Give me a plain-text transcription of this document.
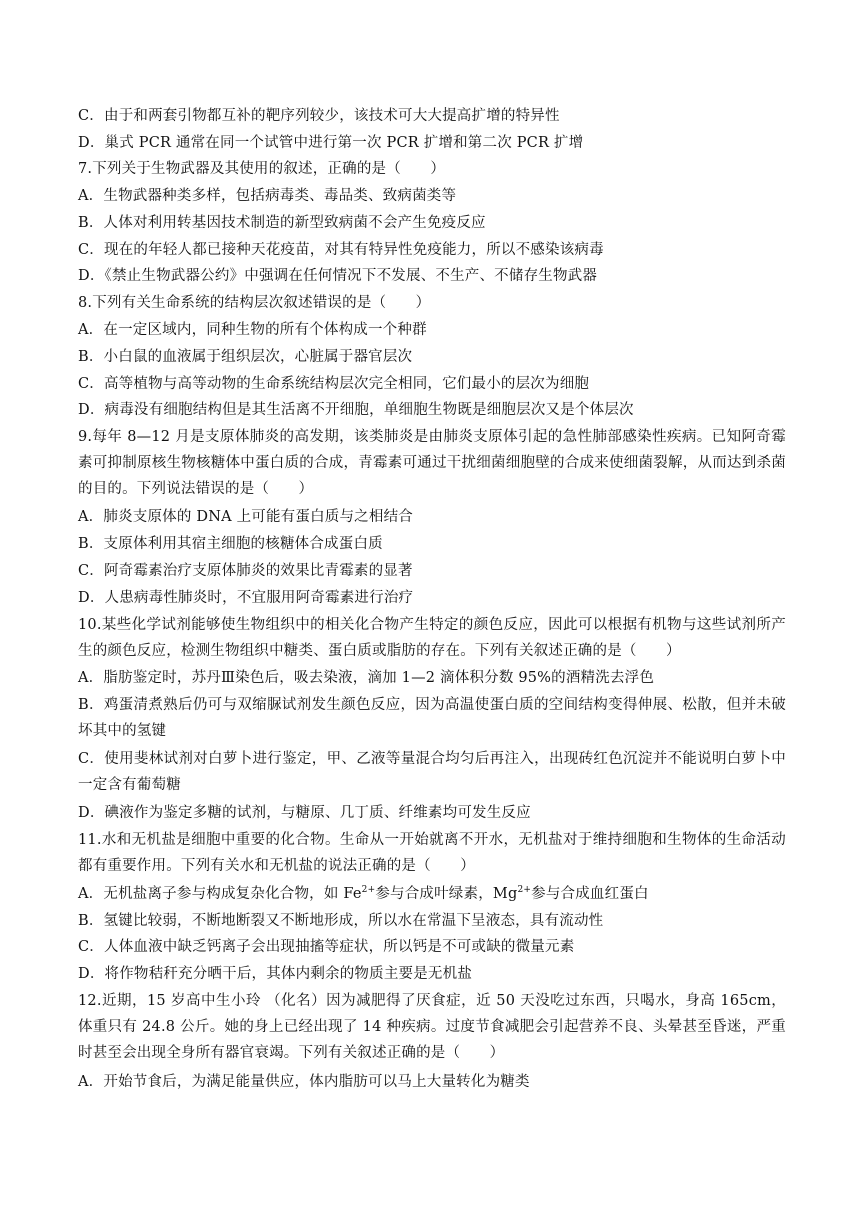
C．由于和两套引物都互补的靶序列较少，该技术可大大提高扩增的特异性
D．巢式 PCR 通常在同一个试管中进行第一次 PCR 扩增和第二次 PCR 扩增
7.下列关于生物武器及其使用的叙述，正确的是（　　）
A．生物武器种类多样，包括病毒类、毒品类、致病菌类等
B．人体对利用转基因技术制造的新型致病菌不会产生免疫反应
C．现在的年轻人都已接种天花疫苗，对其有特异性免疫能力，所以不感染该病毒
D．《禁止生物武器公约》中强调在任何情况下不发展、不生产、不储存生物武器
8.下列有关生命系统的结构层次叙述错误的是（　　）
A．在一定区域内，同种生物的所有个体构成一个种群
B．小白鼠的血液属于组织层次，心脏属于器官层次
C．高等植物与高等动物的生命系统结构层次完全相同，它们最小的层次为细胞
D．病毒没有细胞结构但是其生活离不开细胞，单细胞生物既是细胞层次又是个体层次
9.每年 8—12 月是支原体肺炎的高发期，该类肺炎是由肺炎支原体引起的急性肺部感染性疾病。已知阿奇霉素可抑制原核生物核糖体中蛋白质的合成，青霉素可通过干扰细菌细胞壁的合成来使细菌裂解，从而达到杀菌的目的。下列说法错误的是（　　）
A．肺炎支原体的 DNA 上可能有蛋白质与之相结合
B．支原体利用其宿主细胞的核糖体合成蛋白质
C．阿奇霉素治疗支原体肺炎的效果比青霉素的显著
D．人患病毒性肺炎时，不宜服用阿奇霉素进行治疗
10.某些化学试剂能够使生物组织中的相关化合物产生特定的颜色反应，因此可以根据有机物与这些试剂所产生的颜色反应，检测生物组织中糖类、蛋白质或脂肪的存在。下列有关叙述正确的是（　　）
A．脂肪鉴定时，苏丹Ⅲ染色后，吸去染液，滴加 1—2 滴体积分数 95%的酒精洗去浮色
B．鸡蛋清煮熟后仍可与双缩脲试剂发生颜色反应，因为高温使蛋白质的空间结构变得伸展、松散，但并未破坏其中的氢键
C．使用斐林试剂对白萝卜进行鉴定，甲、乙液等量混合均匀后再注入，出现砖红色沉淀并不能说明白萝卜中一定含有葡萄糖
D．碘液作为鉴定多糖的试剂，与糖原、几丁质、纤维素均可发生反应
11.水和无机盐是细胞中重要的化合物。生命从一开始就离不开水，无机盐对于维持细胞和生物体的生命活动都有重要作用。下列有关水和无机盐的说法正确的是（　　）
A．无机盐离子参与构成复杂化合物，如 $Fe^{2+}$参与合成叶绿素，$Mg^{2+}$参与合成血红蛋白
B．氢键比较弱，不断地断裂又不断地形成，所以水在常温下呈液态，具有流动性
C．人体血液中缺乏钙离子会出现抽搐等症状，所以钙是不可或缺的微量元素
D．将作物秸秆充分晒干后，其体内剩余的物质主要是无机盐
12.近期，15 岁高中生小玲 （化名）因为减肥得了厌食症，近 50 天没吃过东西，只喝水，身高 165cm，体重只有 24.8 公斤。她的身上已经出现了 14 种疾病。过度节食减肥会引起营养不良、头晕甚至昏迷，严重时甚至会出现全身所有器官衰竭。下列有关叙述正确的是（　　）
A．开始节食后，为满足能量供应，体内脂肪可以马上大量转化为糖类
